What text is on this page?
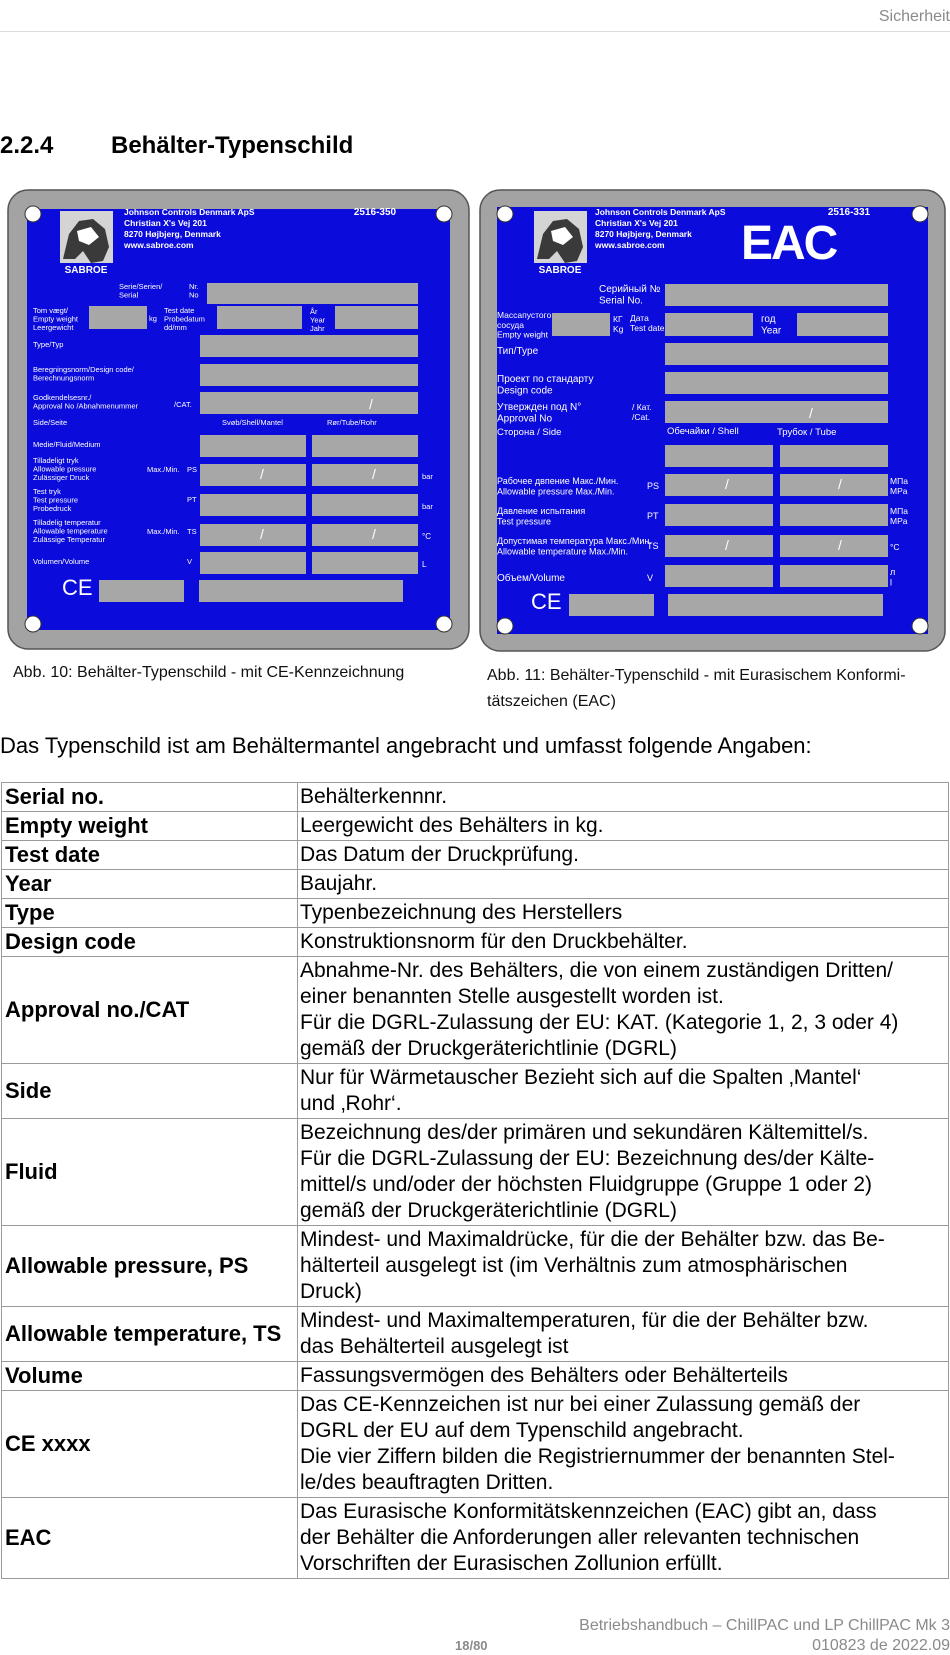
Sicherheit
2.2.4 Behälter-Typenschild
SABROE
Johnson Controls Denmark ApS
Christian X's Vej 201
8270 Højbjerg, Denmark
www.sabroe.com
2516-350
Serie/Serien/ Serial
Nr. No
Tom vægt/ Empty weight Leergewicht
kg
Test date Probedatum dd/mm
År Year Jahr
Type/Typ
Beregningsnorm/Design code/ Berechnungsnorm
Godkendelsesnr./ Approval No /Abnahmenummer	/CAT.	/
Side/Seite	Svøb/Shell/Mantel	Rør/Tube/Rohr
Medie/Fluid/Medium
Tilladeligt tryk Allowable pressure Zulässiger Druck
Max./Min. PS	/	/	bar
Test tryk Test pressure Probedruck
PT
bar
Tilladelig temperatur Allowable temperature Zulässige Temperatur
Max./Min. TS	/	/	°C
Volumen/Volume	V	L
CE
SABROE
Johnson Controls Denmark ApS
Christian X's Vej 201
8270 Højbjerg, Denmark
www.sabroe.com EAC
2516-331
Серийный № Serial No.
Массапустого сосуда Empty weight
КГ Kg
Дата Test date
год Year
Тип/Type
Проект по стандарту Design code
Утвержден под N° Approval No
/ Кат. /Cat.	/
Сторона / Side	Обечайки / Shell	Трубок / Tube
Рабочее двпение Макс./Мин. Allowable pressure Max./Min.
PS	/	/	МПа MPa
Давление испытания Test pressure
PT	МПа MPa
Допустимая температура Макс./Мин. Allowable temperature Max./Min.
TS	/	/	°C
Объем/Volume	V
л l
CE
Abb. 10: Behälter-Typenschild - mit CE-Kennzeichnung	Abb. 11: Behälter-Typenschild - mit Eurasischem Konformi-tätszeichen (EAC)
Das Typenschild ist am Behältermantel angebracht und umfasst folgende Angaben:
Serial no.	Behälterkennnr.
Empty weight	Leergewicht des Behälters in kg.
Test date	Das Datum der Druckprüfung.
Year	Baujahr.
Type	Typenbezeichnung des Herstellers
Design code	Konstruktionsnorm für den Druckbehälter.
Approval no./CAT	Abnahme-Nr. des Behälters, die von einem zuständigen Dritten/
einer benannten Stelle ausgestellt worden ist.
Für die DGRL-Zulassung der EU: KAT. (Kategorie 1, 2, 3 oder 4)
gemäß der Druckgeräterichtlinie (DGRL)
Side	Nur für Wärmetauscher Bezieht sich auf die Spalten ‚Mantel‘
und ‚Rohr‘.
Fluid	Bezeichnung des/der primären und sekundären Kältemittel/s.
Für die DGRL-Zulassung der EU: Bezeichnung des/der Kälte-
mittel/s und/oder der höchsten Fluidgruppe (Gruppe 1 oder 2)
gemäß der Druckgeräterichtlinie (DGRL)
Allowable pressure, PS	Mindest- und Maximaldrücke, für die der Behälter bzw. das Be-
hälterteil ausgelegt ist (im Verhältnis zum atmosphärischen
Druck)
Allowable temperature, TS	Mindest- und Maximaltemperaturen, für die der Behälter bzw.
das Behälterteil ausgelegt ist
Volume	Fassungsvermögen des Behälters oder Behälterteils
CE xxxx	Das CE-Kennzeichen ist nur bei einer Zulassung gemäß der
DGRL der EU auf dem Typenschild angebracht.
Die vier Ziffern bilden die Registriernummer der benannten Stel-
le/des beauftragten Dritten.
EAC	Das Eurasische Konformitätskennzeichen (EAC) gibt an, dass
der Behälter die Anforderungen aller relevanten technischen
Vorschriften der Eurasischen Zollunion erfüllt.
Betriebshandbuch – ChillPAC und LP ChillPAC Mk 3
010823 de 2022.09
18/80
